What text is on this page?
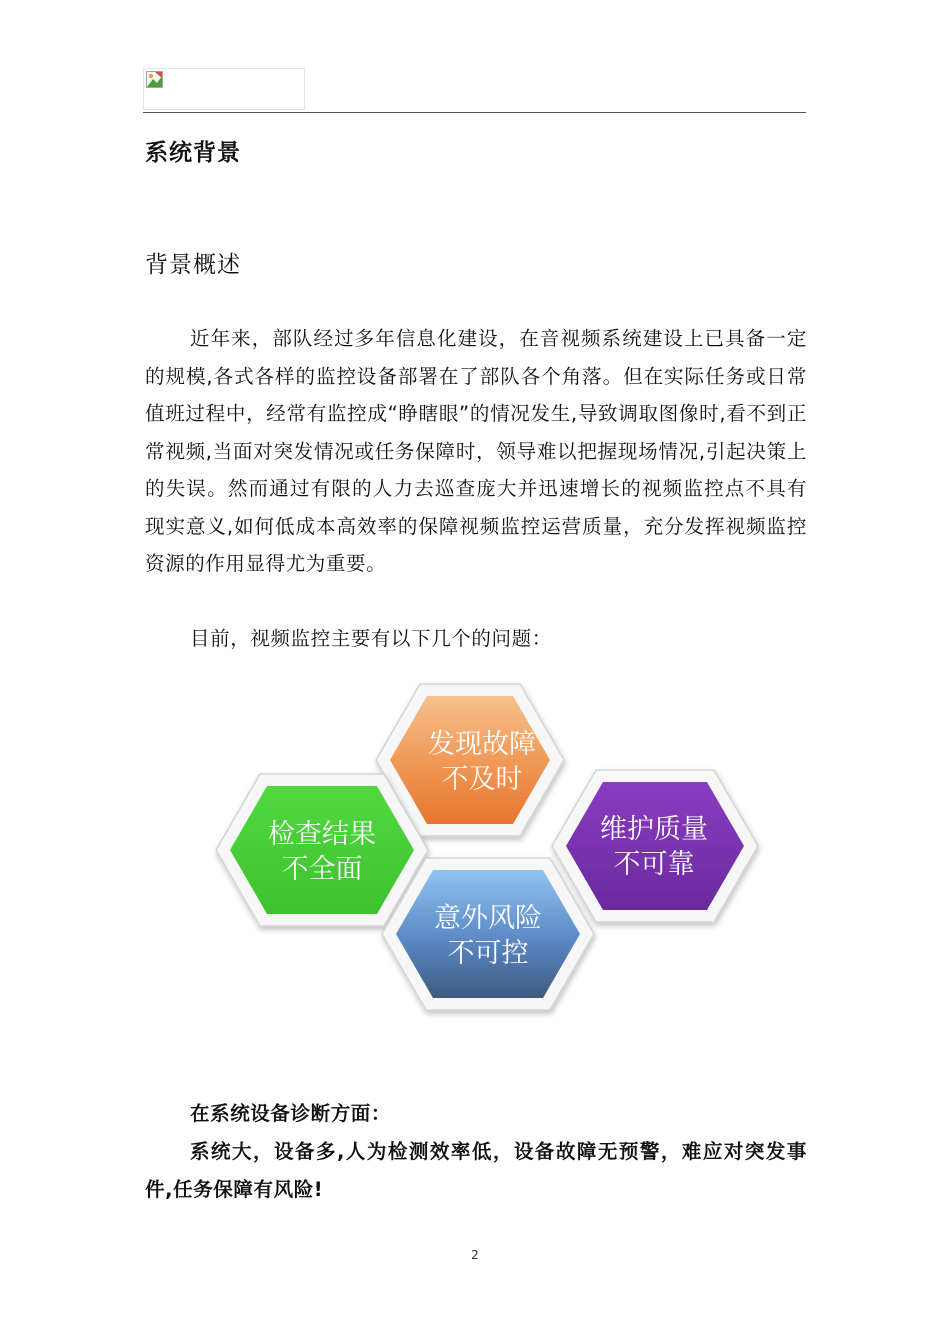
系统背景
背景概述

近年来，部队经过多年信息化建设，在音视频系统建设上已具备一定的规模,各式各样的监控设备部署在了部队各个角落。但在实际任务或日常值班过程中，经常有监控成“睁瞎眼”的情况发生,导致调取图像时,看不到正常视频,当面对突发情况或任务保障时，领导难以把握现场情况,引起决策上的失误。然而通过有限的人力去巡查庞大并迅速增长的视频监控点不具有现实意义,如何低成本高效率的保障视频监控运营质量，充分发挥视频监控资源的作用显得尤为重要。

目前，视频监控主要有以下几个的问题：

发现故障
不及时
检查结果
不全面
维护质量
不可靠
意外风险
不可控
在系统设备诊断方面：

系统大，设备多,人为检测效率低，设备故障无预警，难应对突发事件,任务保障有风险!

2
